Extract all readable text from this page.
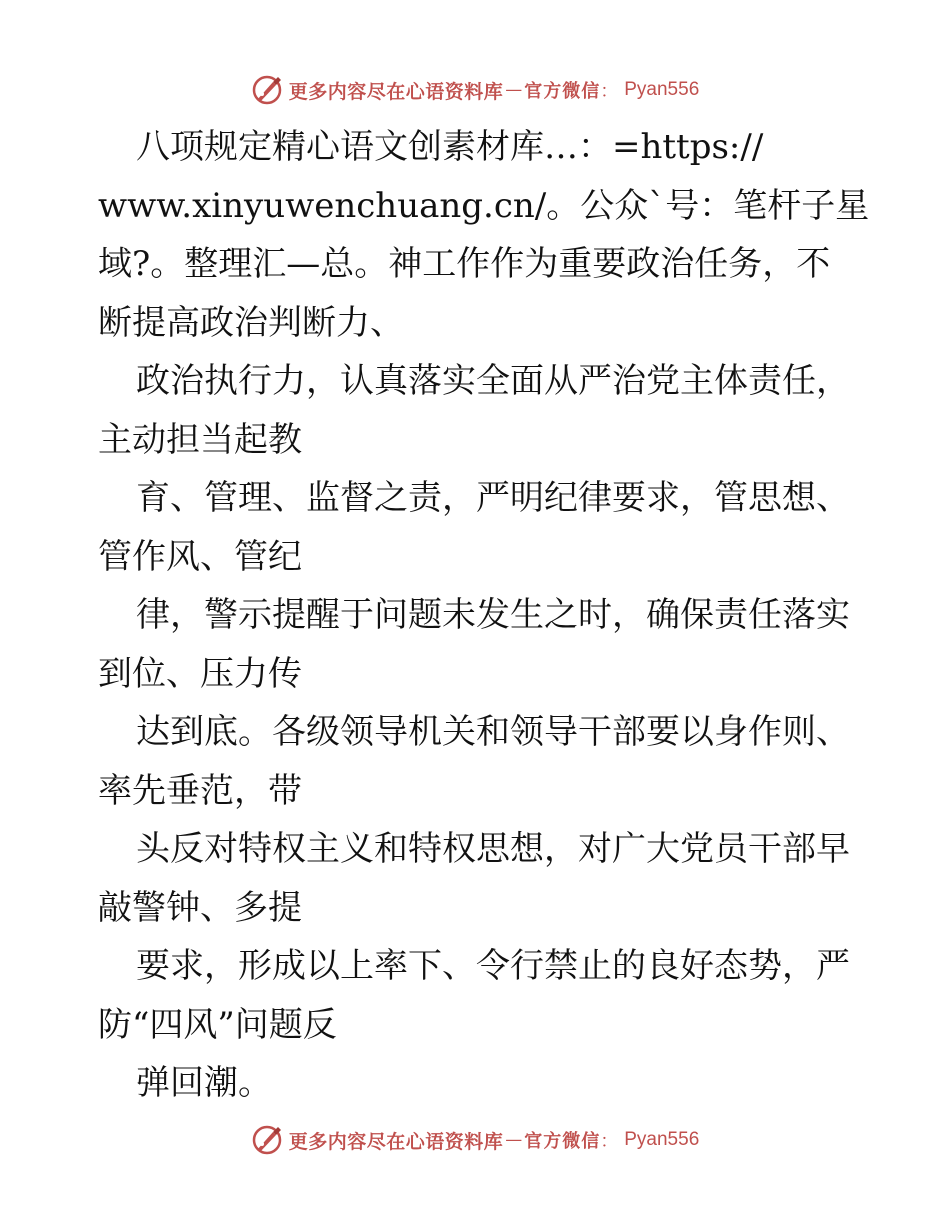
更多内容尽在心语资料库 — 官方微信 ： Pyan556

八项规定精心语文创素材库…：=https://
www.xinyuwenchuang.cn/。公众`号：笔杆子星
域?。整理汇—总。神工作作为重要政治任务，不
断提高政治判断力、
政治执行力，认真落实全面从严治党主体责任，
主动担当起教
育、管理、监督之责，严明纪律要求，管思想、
管作风、管纪
律，警示提醒于问题未发生之时，确保责任落实
到位、压力传
达到底。各级领导机关和领导干部要以身作则、
率先垂范，带
头反对特权主义和特权思想，对广大党员干部早
敲警钟、多提
要求，形成以上率下、令行禁止的良好态势，严
防“四风”问题反
弹回潮。

更多内容尽在心语资料库 — 官方微信 ： Pyan556
